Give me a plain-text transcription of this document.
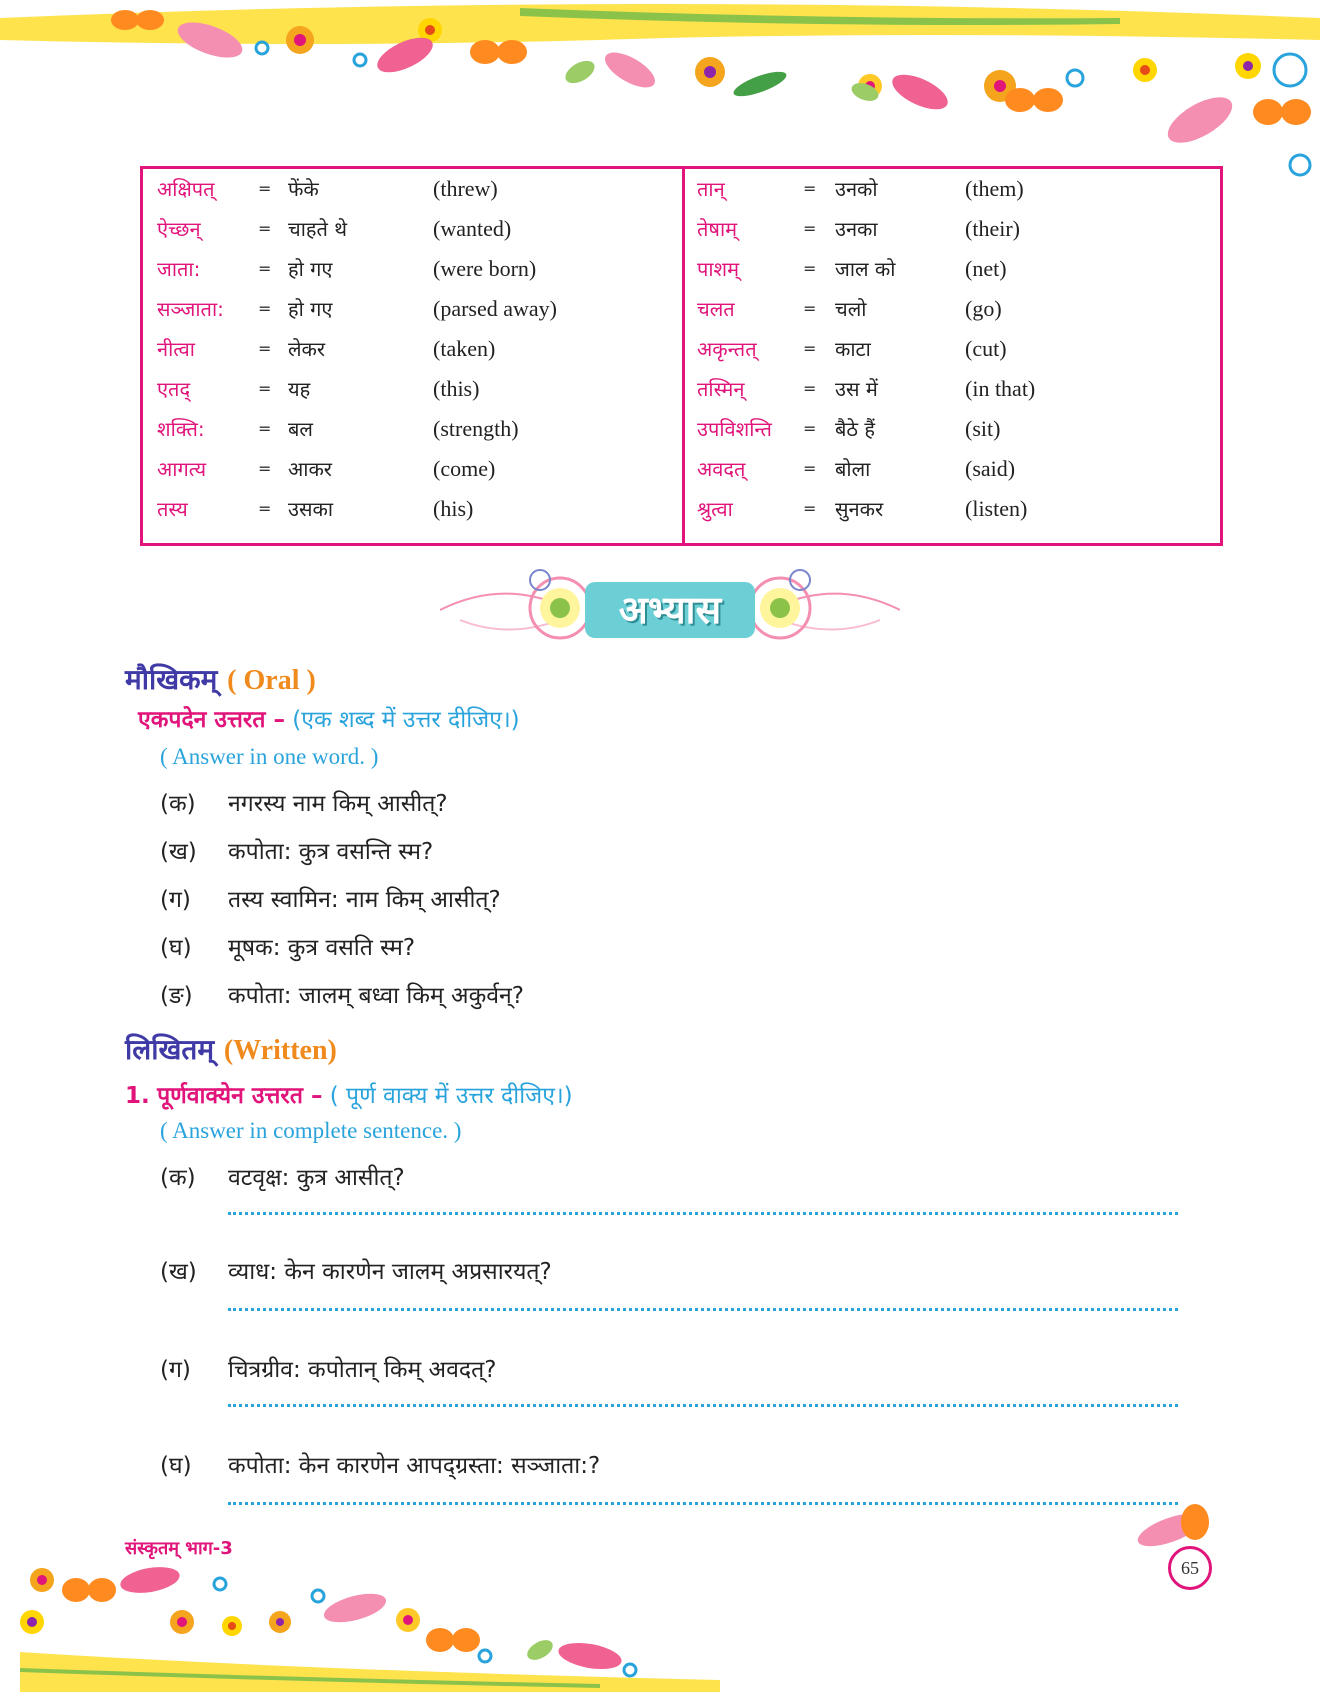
अक्षिपत्	= फेंके	(threw)
ऐच्छन्	= चाहते थे	(wanted)
जाता:	= हो गए	(were born)
सञ्जाता: = हो गए	(parsed away)
नीत्वा	= लेकर	(taken)
एतद्	= यह	(this)
शक्ति:	= बल	(strength)
आगत्य	= आकर	(come)
तस्य	= उसका	(his)
तान्	= उनको	(them)
तेषाम्	= उनका	(their)
पाशम्	= जाल को	(net)
चलत	= चलो	(go)
अकृन्तत्	= काटा	(cut)
तस्मिन्	= उस में	(in that)
उपविशन्ति = बैठे हैं	(sit)
अवदत्	= बोला	(said)
श्रुत्वा	= सुनकर	(listen)
अभ्यास
मौखिकम् ( Oral )
एकपदेन उत्तरत – (एक शब्द में उत्तर दीजिए।)
( Answer in one word. )
(क) नगरस्य नाम किम् आसीत्?
(ख) कपोता: कुत्र वसन्ति स्म?
(ग) तस्य स्वामिन: नाम किम् आसीत्?
(घ) मूषक: कुत्र वसति स्म?
(ङ) कपोता: जालम् बध्वा किम् अकुर्वन्?
लिखितम् (Written)
1. पूर्णवाक्येन उत्तरत – ( पूर्ण वाक्य में उत्तर दीजिए।)
( Answer in complete sentence. )
(क) वटवृक्ष: कुत्र आसीत्?
(ख) व्याध: केन कारणेन जालम् अप्रसारयत्?
(ग) चित्रग्रीव: कपोतान् किम् अवदत्?
(घ) कपोता: केन कारणेन आपद्ग्रस्ता: सञ्जाता:?
संस्कृतम् भाग-3
65
